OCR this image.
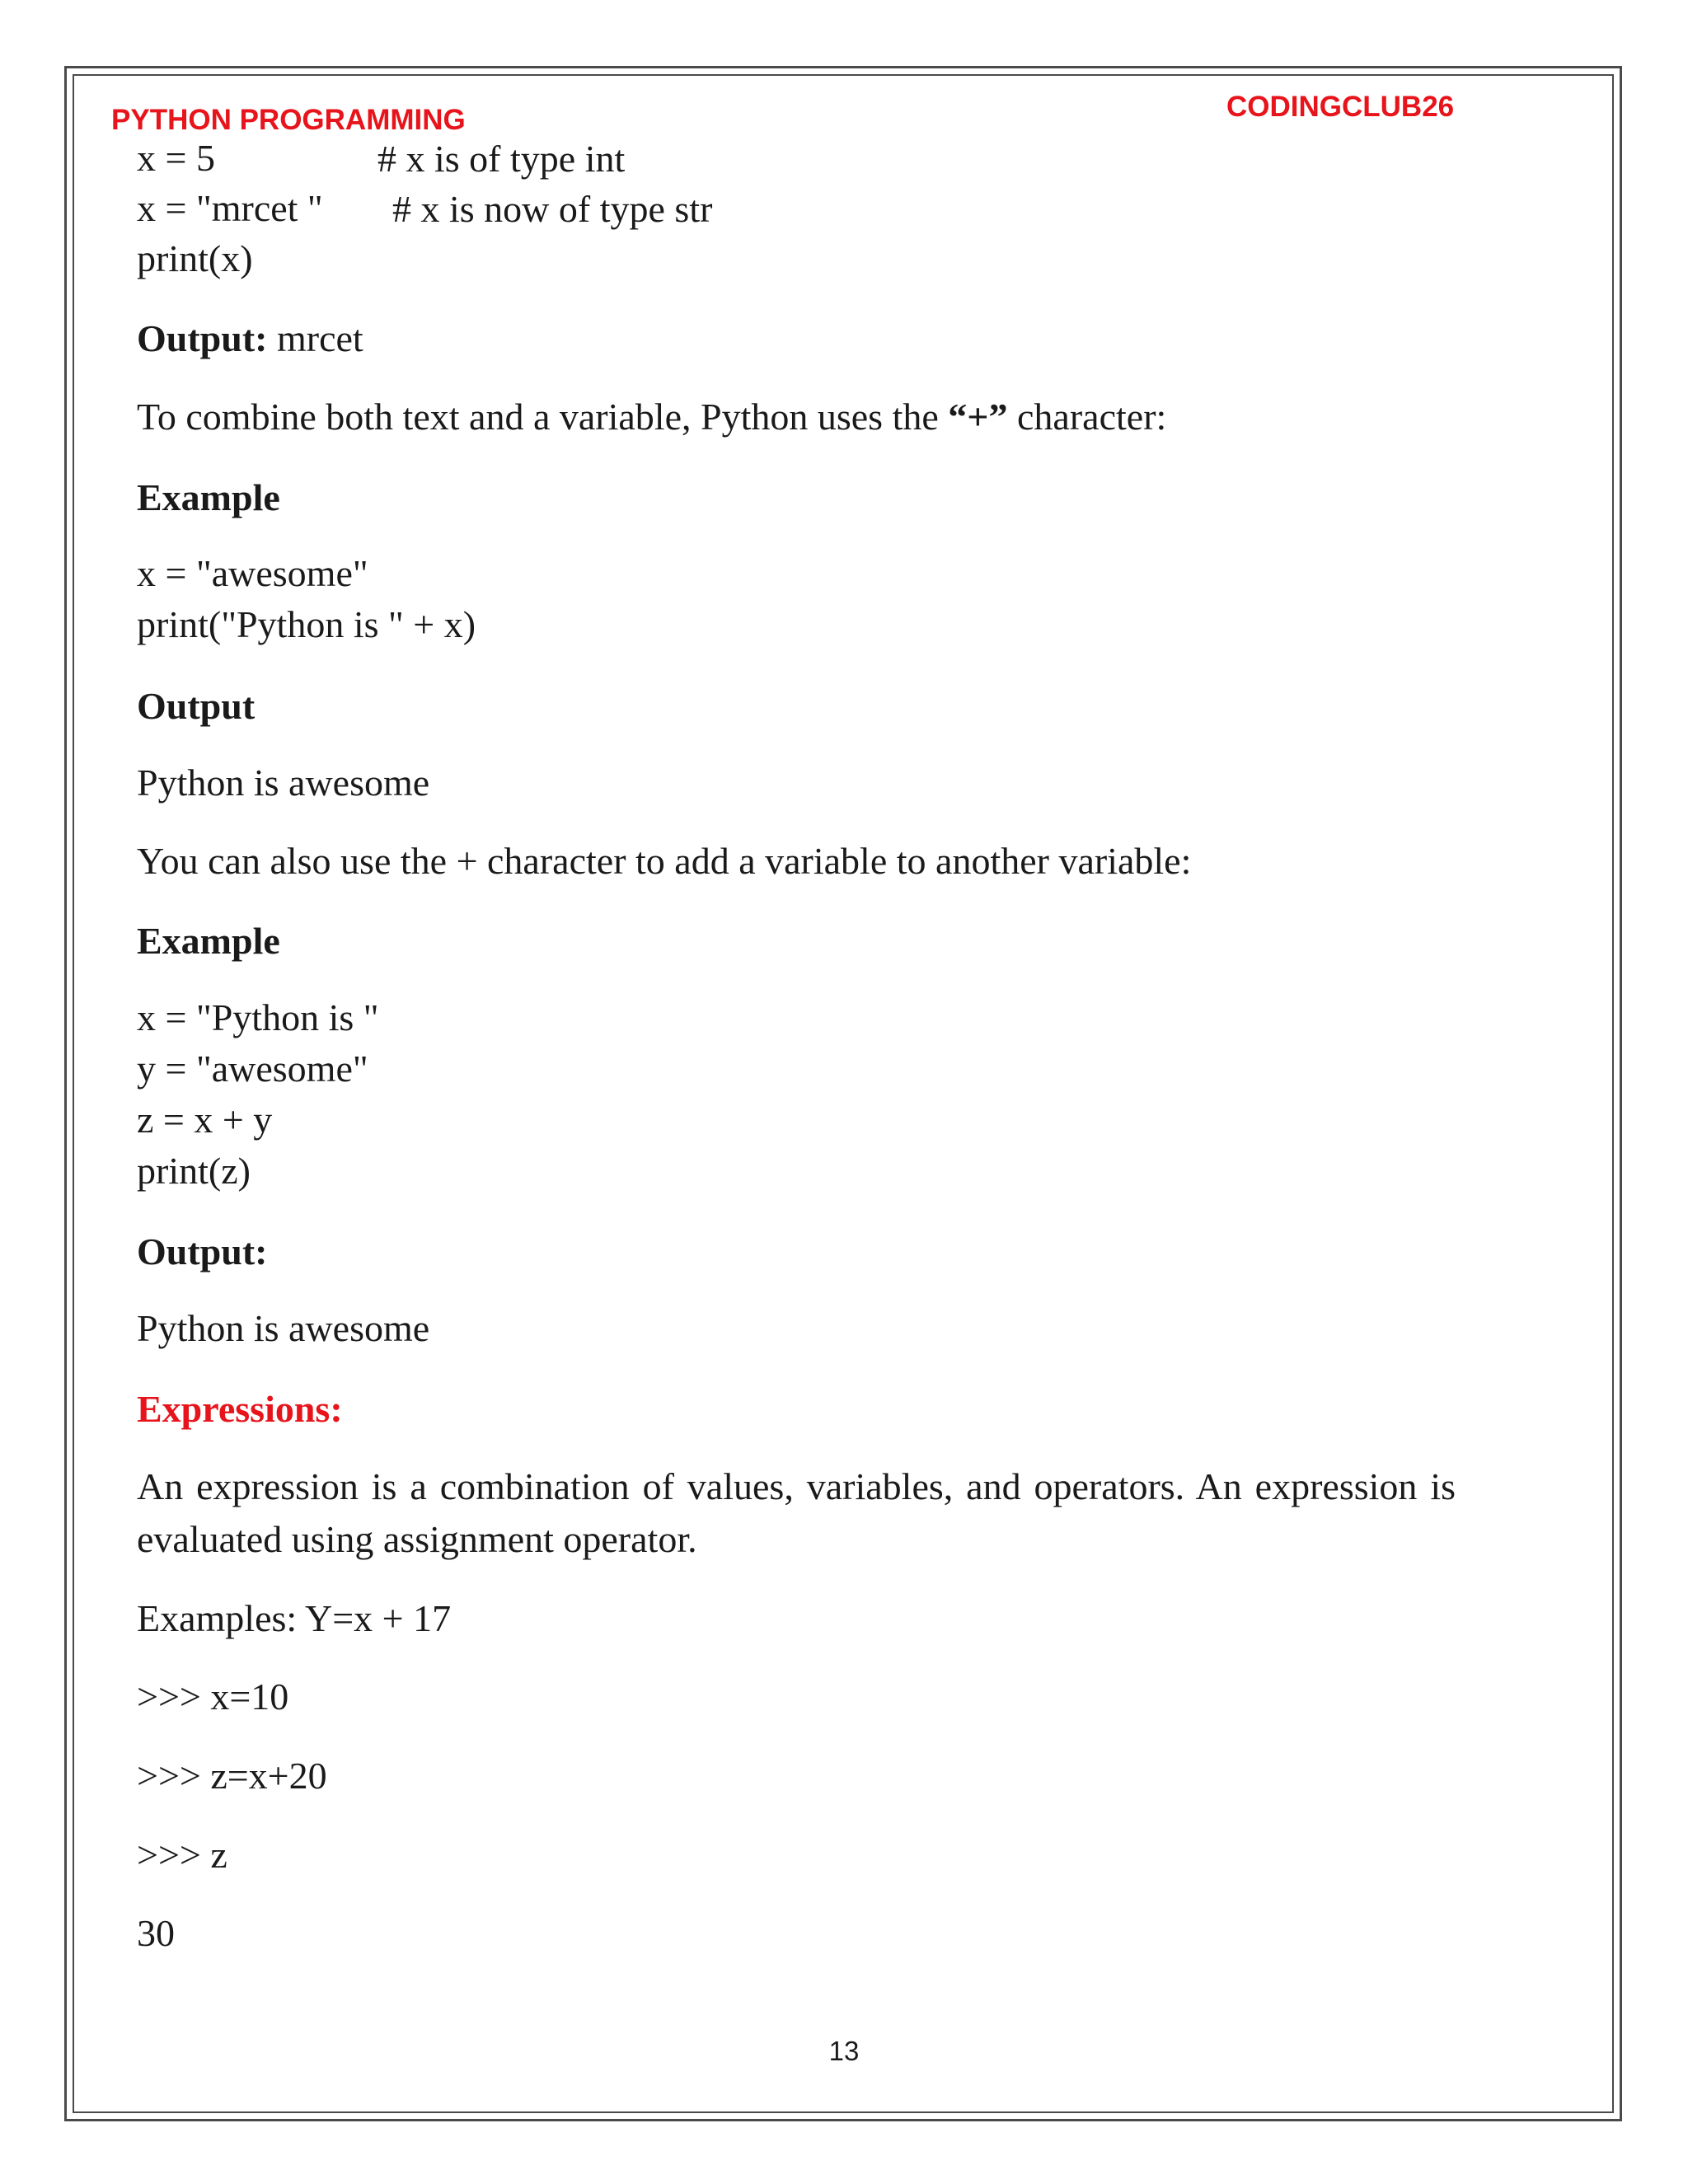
PYTHON PROGRAMMING	CODINGCLUB26
x = 5	# x is of type int
x = "mrcet " # x is now of type str
print(x)
Output: mrcet
To combine both text and a variable, Python uses the “+” character:
Example
x = "awesome"
print("Python is " + x)
Output
Python is awesome
You can also use the + character to add a variable to another variable:
Example
x = "Python is "
y = "awesome"
z = x + y
print(z)
Output:
Python is awesome
Expressions:
An expression is a combination of values, variables, and operators. An expression is evaluated using assignment operator.
Examples: Y=x + 17
>>> x=10
>>> z=x+20
>>> z
30
13
